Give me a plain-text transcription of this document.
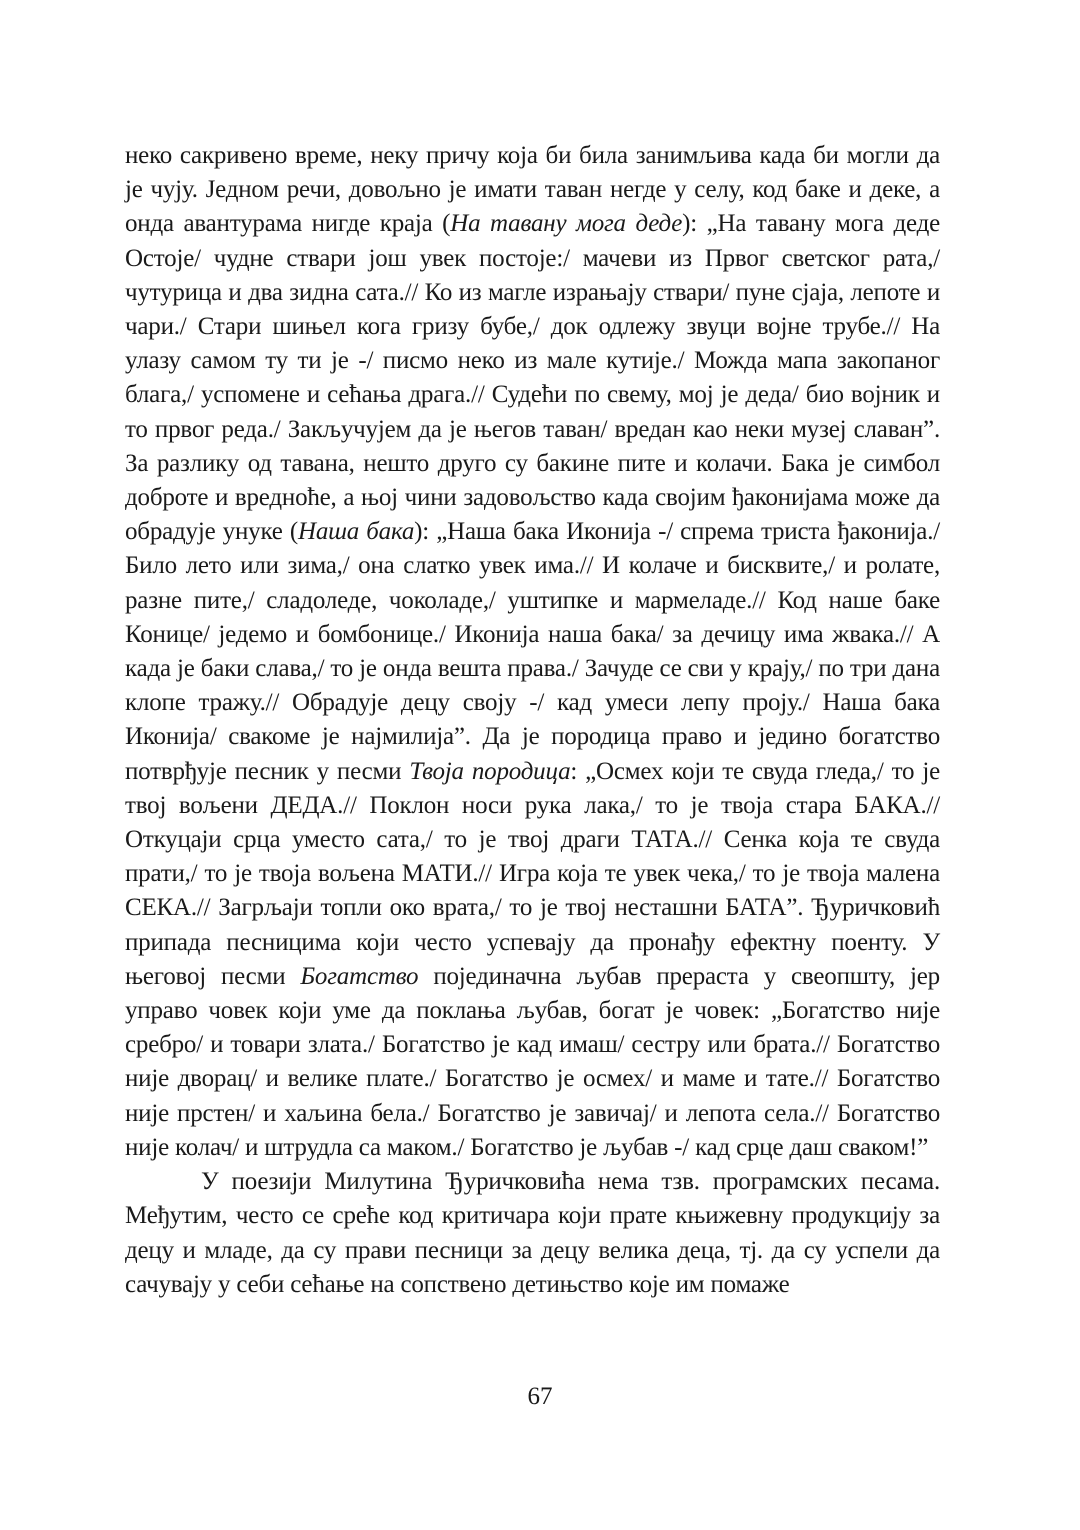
неко сакривено време, неку причу која би била занимљива када би могли да је чују. Једном речи, довољно је имати таван негде у селу, код баке и деке, а онда авантурама нигде краја (На тавану мога деде): „На тавану мога деде Остоје/ чудне ствари још увек постоје:/ мачеви из Првог светског рата,/ чутурица и два зидна сата.// Ко из магле израњају ствари/ пуне сјаја, лепоте и чари./ Стари шињел кога гризу бубе,/ док одлежу звуци војне трубе.// На улазу самом ту ти је -/ писмо неко из мале кутије./ Можда мапа закопаног блага,/ успомене и сећања драга.// Судећи по свему, мој је деда/ био војник и то првог реда./ Закључујем да је његов таван/ вредан као неки музеј славан”. За разлику од тавана, нешто друго су бакине пите и колачи. Бака је симбол доброте и вредноће, а њој чини задовољство када својим ђаконијама може да обрадује унуке (Наша бака): „Наша бака Иконија -/ спрема триста ђаконија./ Било лето или зима,/ она слатко увек има.// И колаче и бисквите,/ и ролате, разне пите,/ сладоледе, чоколаде,/ уштипке и мармеладе.// Код наше баке Конице/ једемо и бомбонице./ Иконија наша бака/ за дечицу има жвака.// А када је баки слава,/ то је онда вешта права./ Зачуде се сви у крају,/ по три дана клопе тражу.// Обрадује децу своју -/ кад умеси лепу проју./ Наша бака Иконија/ свакоме је најмилија”. Да је породица право и једино богатство потврђује песник у песми Твоја породица: „Осмех који те свуда гледа,/ то је твој вољени ДЕДА.// Поклон носи рука лака,/ то је твоја стара БАКА.// Откуцаји срца уместо сата,/ то је твој драги ТАТА.// Сенка која те свуда прати,/ то је твоја вољена МАТИ.// Игра која те увек чека,/ то је твоја малена СЕКА.// Загрљаји топли око врата,/ то је твој несташни БАТА”. Ђуричковић припада песницима који често успевају да пронађу ефектну поенту. У његовој песми Богатство појединачна љубав прераста у свеопшту, јер управо човек који уме да поклања љубав, богат је човек: „Богатство није сребро/ и товари злата./ Богатство је кад имаш/ сестру или брата.// Богатство није дворац/ и велике плате./ Богатство је осмех/ и маме и тате.// Богатство није прстен/ и хаљина бела./ Богатство је завичај/ и лепота села.// Богатство није колач/ и штрудла са маком./ Богатство је љубав -/ кад срце даш сваком!”

У поезији Милутина Ђуричковића нема тзв. програмских песама. Међутим, често се среће код критичара који прате књижевну продукцију за децу и младе, да су прави песници за децу велика деца, тј. да су успели да сачувају у себи сећање на сопствено детињство које им помаже

67
